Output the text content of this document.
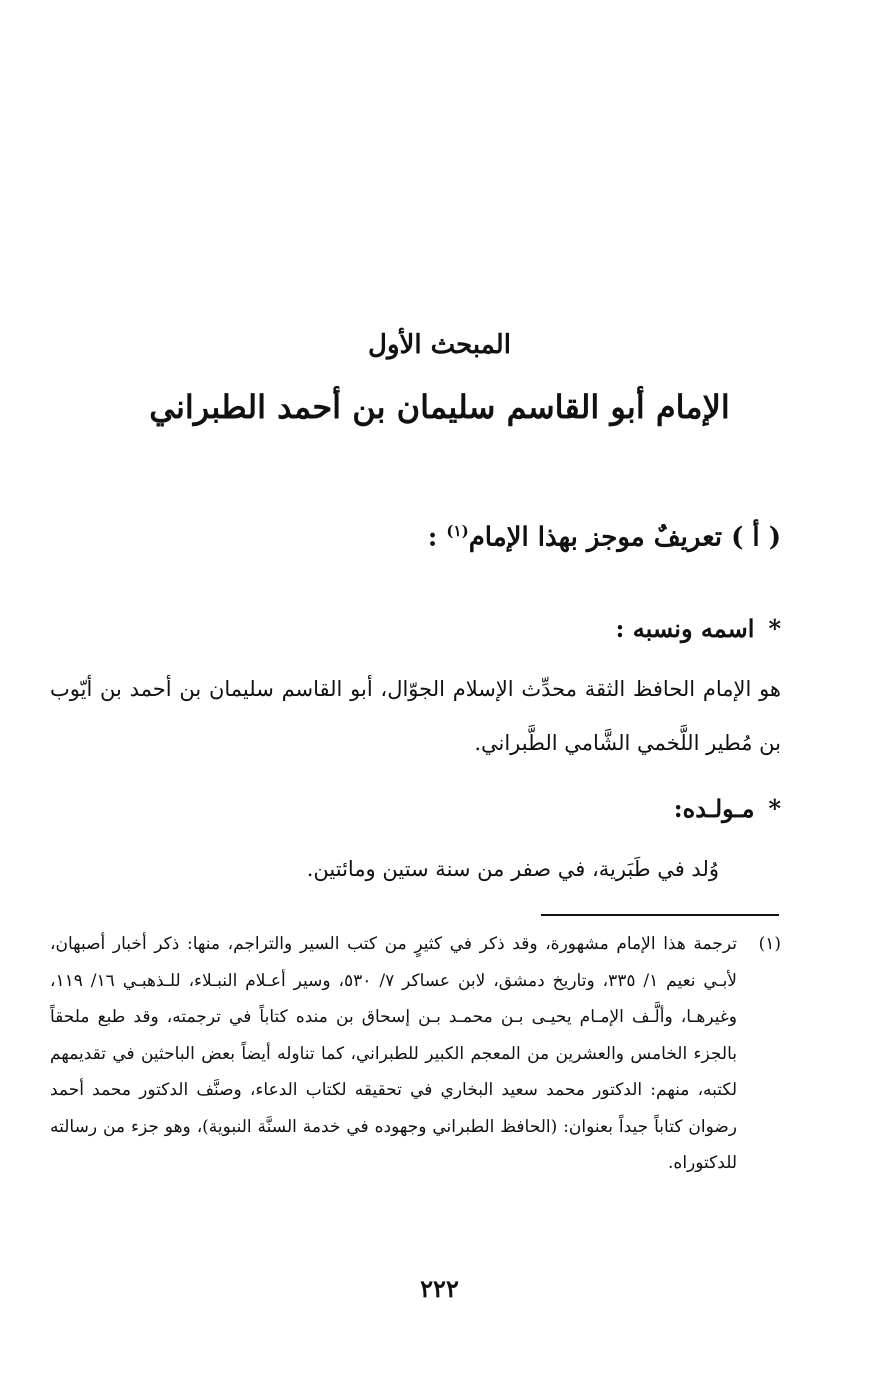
المبحث الأول
الإمام أبو القاسم سليمان بن أحمد الطبراني
( أ ) تعريفٌ موجز بهذا الإمام$^{(١)}$ :
*اسمه ونسبه :

هو الإمام الحافظ الثقة محدِّث الإسلام الجوّال، أبو القاسم سليمان بن أحمد بن أيّوب بن مُطير اللَّخمي الشَّامي الطَّبراني.

*مـولـده:

وُلد في طَبَرية، في صفر من سنة ستين ومائتين.

(١)
ترجمة هذا الإمام مشهورة، وقد ذكر في كثيرٍ من كتب السير والتراجم، منها: ذكر أخبار أصبهان، لأبـي نعيم ١/ ٣٣٥، وتاريخ دمشق، لابن عساكر ٧/ ٥٣٠، وسير أعـلام النبـلاء، للـذهبـي ١٦/ ١١٩، وغيرهـا، وألَّـف الإمـام يحيـى بـن محمـد بـن إسحاق بن منده كتاباً في ترجمته، وقد طبع ملحقاً بالجزء الخامس والعشرين من المعجم الكبير للطبراني، كما تناوله أيضاً بعض الباحثين في تقديمهم لكتبه، منهم: الدكتور محمد سعيد البخاري في تحقيقه لكتاب الدعاء، وصنَّف الدكتور محمد أحمد رضوان كتاباً جيداً بعنوان: (الحافظ الطبراني وجهوده في خدمة السنَّة النبوية)، وهو جزء من رسالته للدكتوراه.
٢٢٢
